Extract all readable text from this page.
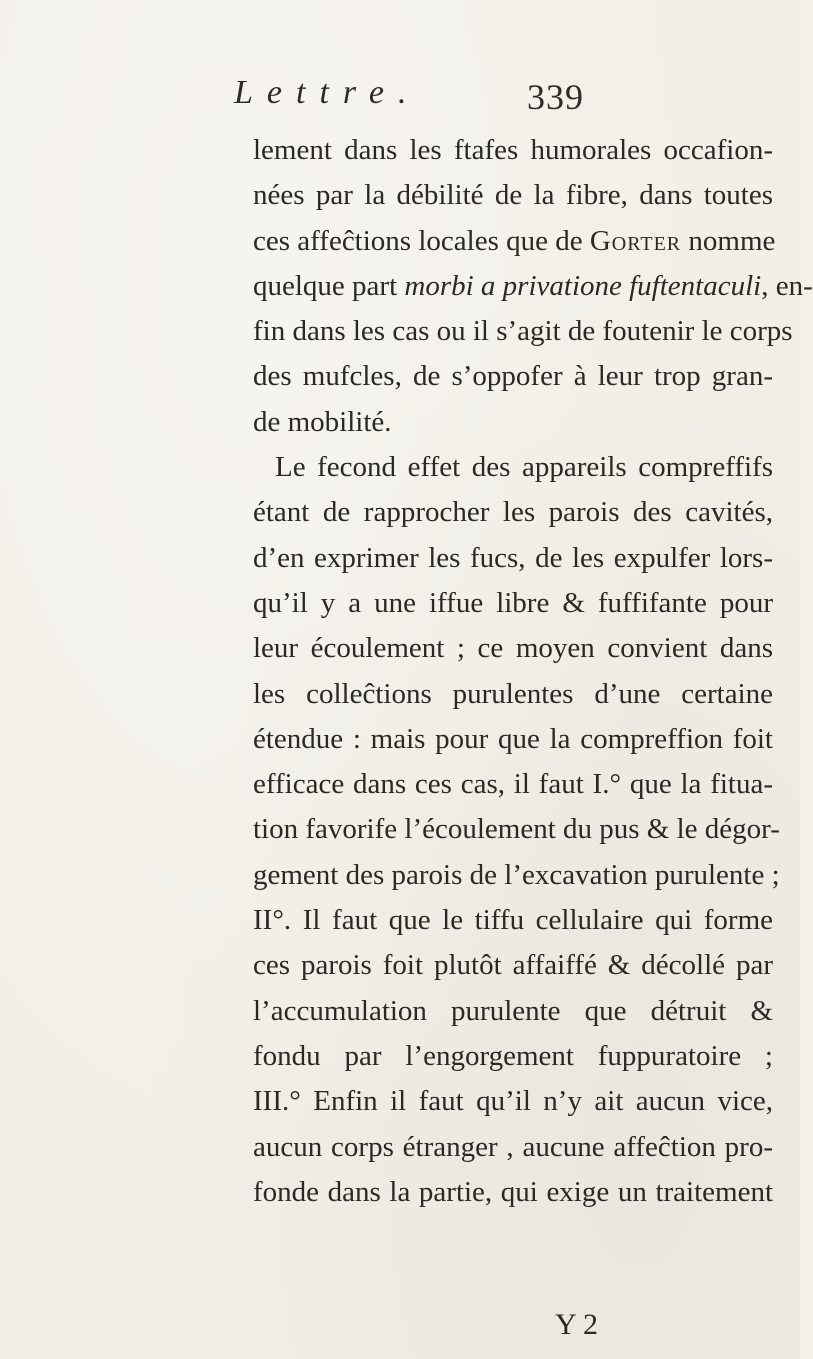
Lettre.	339
lement dans les ftafes humorales occafion-
nées par la débilité de la fibre, dans toutes
ces affeĉtions locales que de Gorter nomme
quelque part morbi a privatione fuftentaculi, en-
fin dans les cas ou il s’agit de foutenir le corps
des mufcles, de s’oppofer à leur trop gran-
de mobilité.
Le fecond effet des appareils compreffifs
étant de rapprocher les parois des cavités,
d’en exprimer les fucs, de les expulfer lors-
qu’il y a une iffue libre & fuffifante pour
leur écoulement ; ce moyen convient dans
les colleĉtions purulentes d’une certaine
étendue : mais pour que la compreffion foit
efficace dans ces cas, il faut I.° que la fitua-
tion favorife l’écoulement du pus & le dégor-
gement des parois de l’excavation purulente ;
II°. Il faut que le tiffu cellulaire qui forme
ces parois foit plutôt affaiffé & décollé par
l’accumulation purulente que détruit &
fondu par l’engorgement fuppuratoire ;
III.° Enfin il faut qu’il n’y ait aucun vice,
aucun corps étranger , aucune affeĉtion pro-
fonde dans la partie, qui exige un traitement
Y 2
